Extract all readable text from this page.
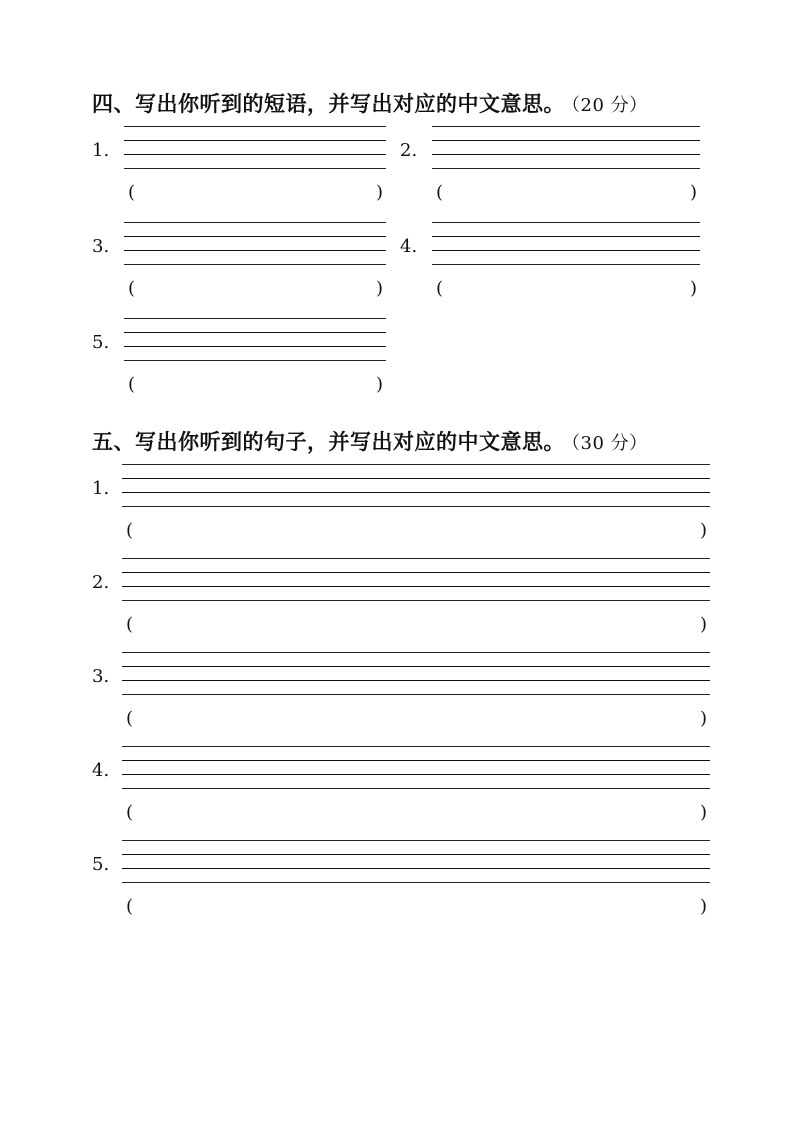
四、写出你听到的短语，并写出对应的中文意思。 （20 分）
1.
(	)
2.
(	)
3.
(	)
4.
(	)
5.
(	)
五、写出你听到的句子，并写出对应的中文意思。 （30 分）
1.
(	)
2.
(	)
3.
(	)
4.
(	)
5.
(	)
